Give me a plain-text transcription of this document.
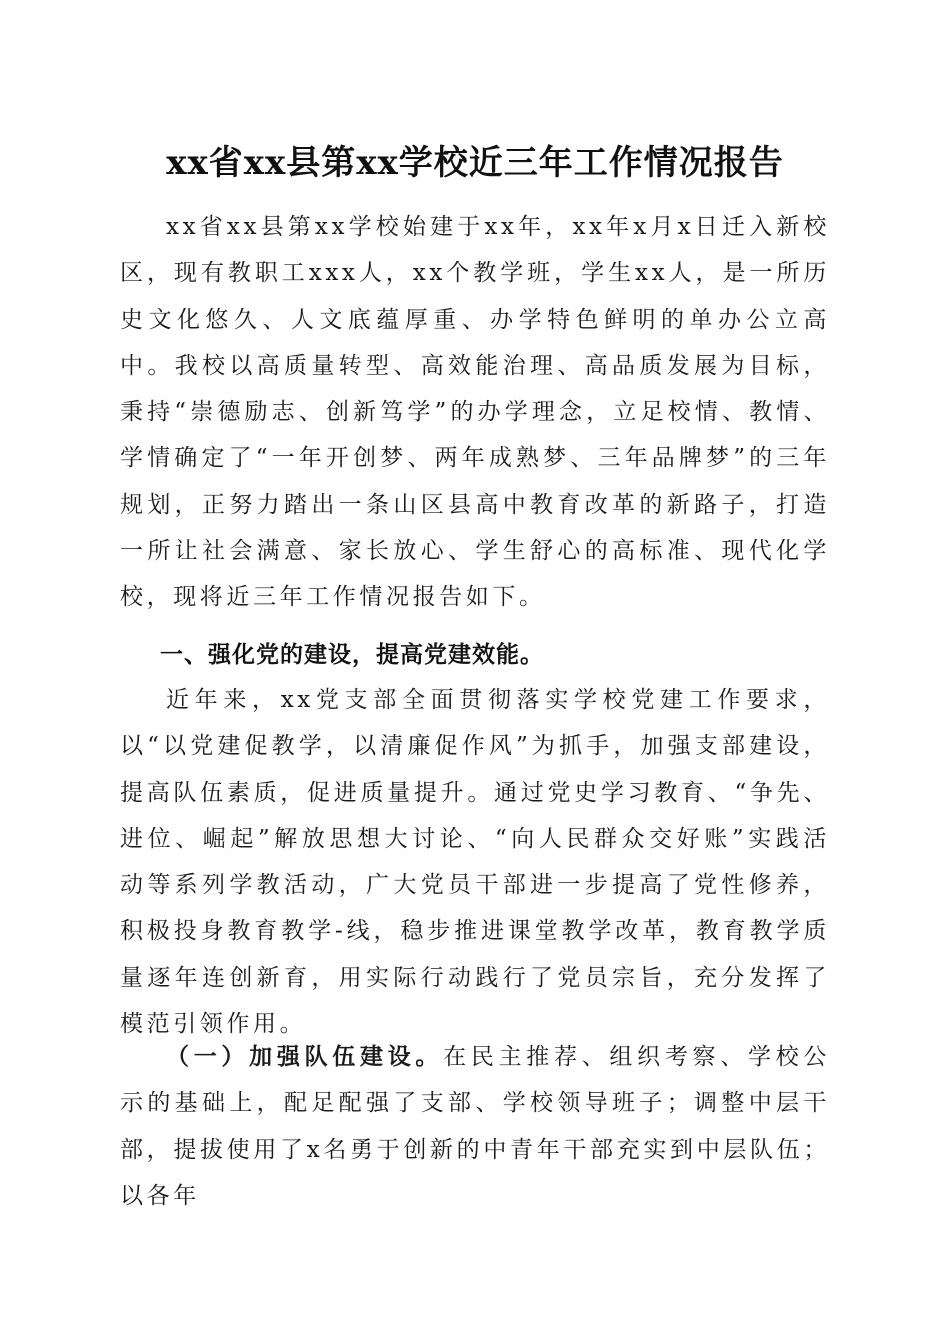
xx省xx县第xx学校近三年工作情况报告

xx省xx县第xx学校始建于xx年，xx年x月x日迁入新校区，现有教职工xxx人，xx个教学班，学生xx人，是一所历史文化悠久、人文底蕴厚重、办学特色鲜明的单办公立高中。我校以高质量转型、高效能治理、高品质发展为目标，秉持“崇德励志、创新笃学”的办学理念，立足校情、教情、学情确定了“一年开创梦、两年成熟梦、三年品牌梦”的三年规划，正努力踏出一条山区县高中教育改革的新路子，打造一所让社会满意、家长放心、学生舒心的高标准、现代化学校，现将近三年工作情况报告如下。

一、强化党的建设，提高党建效能。

近年来，xx党支部全面贯彻落实学校党建工作要求，以“以党建促教学，以清廉促作风”为抓手，加强支部建设，提高队伍素质，促进质量提升。通过党史学习教育、“争先、进位、崛起”解放思想大讨论、“向人民群众交好账”实践活动等系列学教活动，广大党员干部进一步提高了党性修养，积极投身教育教学-线，稳步推进课堂教学改革，教育教学质量逐年连创新育，用实际行动践行了党员宗旨，充分发挥了模范引领作用。

（一）加强队伍建设。在民主推荐、组织考察、学校公示的基础上，配足配强了支部、学校领导班子；调整中层干部，提拔使用了x名勇于创新的中青年干部充实到中层队伍；以各年
